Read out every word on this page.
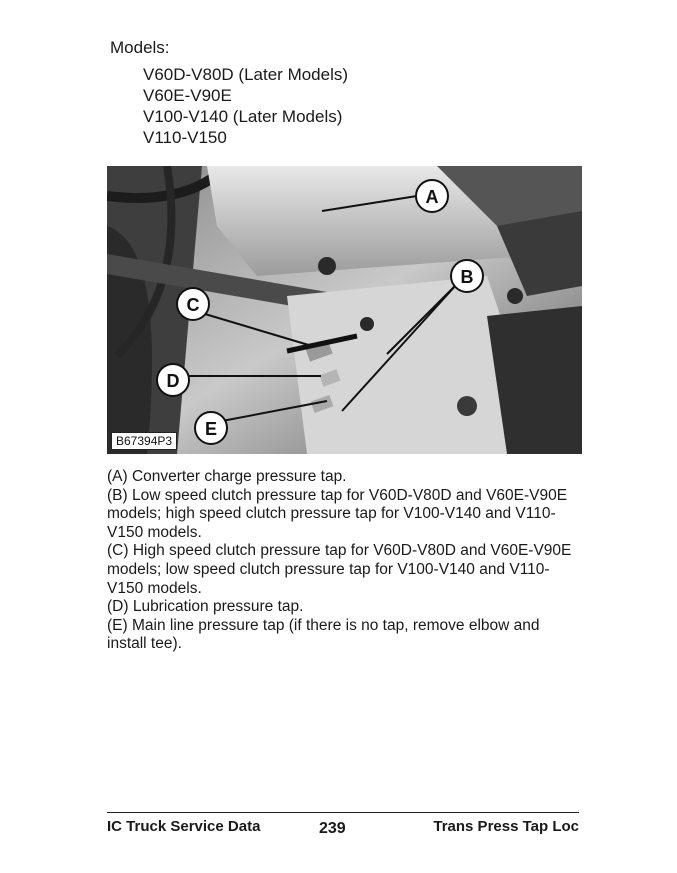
Models:
V60D-V80D (Later Models)
V60E-V90E
V100-V140 (Later Models)
V110-V150
A
B
C
D
E
B67394P3
(A) Converter charge pressure tap.
(B) Low speed clutch pressure tap for V60D-V80D and V60E-V90E models; high speed clutch pressure tap for V100-V140 and V110-V150 models.
(C) High speed clutch pressure tap for V60D-V80D and V60E-V90E models; low speed clutch pressure tap for V100-V140 and V110-V150 models.
(D) Lubrication pressure tap.
(E) Main line pressure tap (if there is no tap, remove elbow and install tee).
IC Truck Service Data	239	Trans Press Tap Loc
